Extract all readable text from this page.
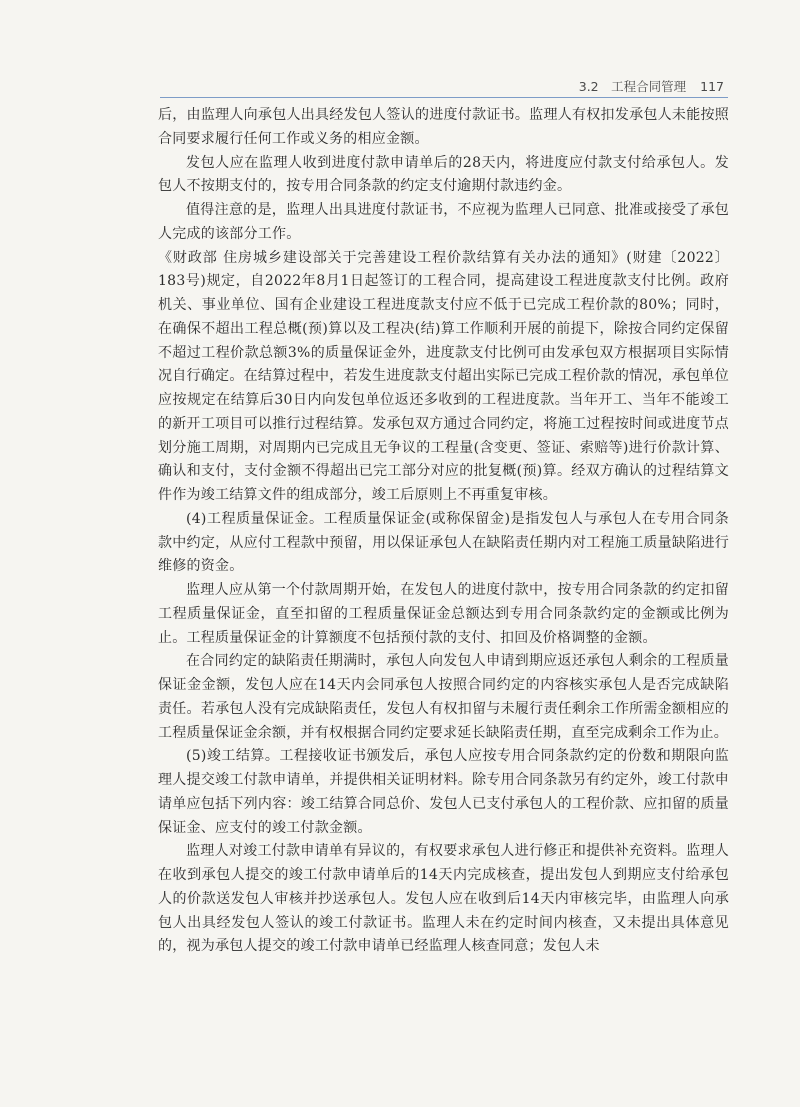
3.2　工程合同管理 117

后，由监理人向承包人出具经发包人签认的进度付款证书。监理人有权扣发承包人未能按照合同要求履行任何工作或义务的相应金额。

发包人应在监理人收到进度付款申请单后的28天内，将进度应付款支付给承包人。发包人不按期支付的，按专用合同条款的约定支付逾期付款违约金。

值得注意的是，监理人出具进度付款证书，不应视为监理人已同意、批准或接受了承包人完成的该部分工作。

《财政部 住房城乡建设部关于完善建设工程价款结算有关办法的通知》(财建〔2022〕183号)规定，自2022年8月1日起签订的工程合同，提高建设工程进度款支付比例。政府机关、事业单位、国有企业建设工程进度款支付应不低于已完成工程价款的80%；同时，在确保不超出工程总概(预)算以及工程决(结)算工作顺利开展的前提下，除按合同约定保留不超过工程价款总额3%的质量保证金外，进度款支付比例可由发承包双方根据项目实际情况自行确定。在结算过程中，若发生进度款支付超出实际已完成工程价款的情况，承包单位应按规定在结算后30日内向发包单位返还多收到的工程进度款。当年开工、当年不能竣工的新开工项目可以推行过程结算。发承包双方通过合同约定，将施工过程按时间或进度节点划分施工周期，对周期内已完成且无争议的工程量(含变更、签证、索赔等)进行价款计算、确认和支付，支付金额不得超出已完工部分对应的批复概(预)算。经双方确认的过程结算文件作为竣工结算文件的组成部分，竣工后原则上不再重复审核。

(4)工程质量保证金。工程质量保证金(或称保留金)是指发包人与承包人在专用合同条款中约定，从应付工程款中预留，用以保证承包人在缺陷责任期内对工程施工质量缺陷进行维修的资金。

监理人应从第一个付款周期开始，在发包人的进度付款中，按专用合同条款的约定扣留工程质量保证金，直至扣留的工程质量保证金总额达到专用合同条款约定的金额或比例为止。工程质量保证金的计算额度不包括预付款的支付、扣回及价格调整的金额。

在合同约定的缺陷责任期满时，承包人向发包人申请到期应返还承包人剩余的工程质量保证金金额，发包人应在14天内会同承包人按照合同约定的内容核实承包人是否完成缺陷责任。若承包人没有完成缺陷责任，发包人有权扣留与未履行责任剩余工作所需金额相应的工程质量保证金余额，并有权根据合同约定要求延长缺陷责任期，直至完成剩余工作为止。

(5)竣工结算。工程接收证书颁发后，承包人应按专用合同条款约定的份数和期限向监理人提交竣工付款申请单，并提供相关证明材料。除专用合同条款另有约定外，竣工付款申请单应包括下列内容：竣工结算合同总价、发包人已支付承包人的工程价款、应扣留的质量保证金、应支付的竣工付款金额。

监理人对竣工付款申请单有异议的，有权要求承包人进行修正和提供补充资料。监理人在收到承包人提交的竣工付款申请单后的14天内完成核查，提出发包人到期应支付给承包人的价款送发包人审核并抄送承包人。发包人应在收到后14天内审核完毕，由监理人向承包人出具经发包人签认的竣工付款证书。监理人未在约定时间内核查，又未提出具体意见的，视为承包人提交的竣工付款申请单已经监理人核查同意；发包人未
